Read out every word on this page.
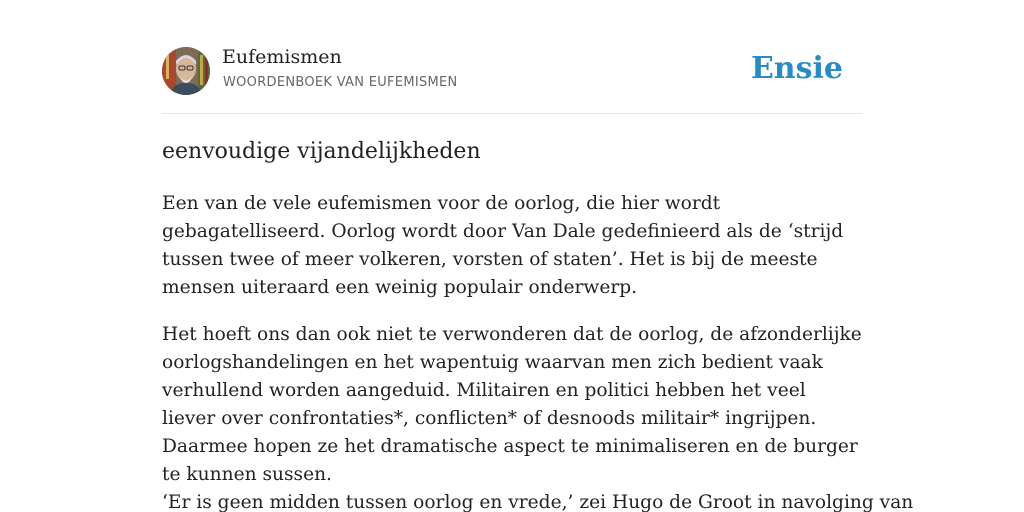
Eufemismen
WOORDENBOEK VAN EUFEMISMEN	Ensie
eenvoudige vijandelijkheden

Een van de vele eufemismen voor de oorlog, die hier wordt gebagatelliseerd. Oorlog wordt door Van Dale gedefinieerd als de ‘strijd tussen twee of meer volkeren, vorsten of staten’. Het is bij de meeste mensen uiteraard een weinig populair onderwerp.

Het hoeft ons dan ook niet te verwonderen dat de oorlog, de afzonderlijke oorlogshandelingen en het wapentuig waarvan men zich bedient vaak verhullend worden aangeduid. Militairen en politici hebben het veel liever over confrontaties*, conflicten* of desnoods militair* ingrijpen. Daarmee hopen ze het dramatische aspect te minimaliseren en de burger te kunnen sussen.

‘Er is geen midden tussen oorlog en vrede,’ zei Hugo de Groot in navolging van
